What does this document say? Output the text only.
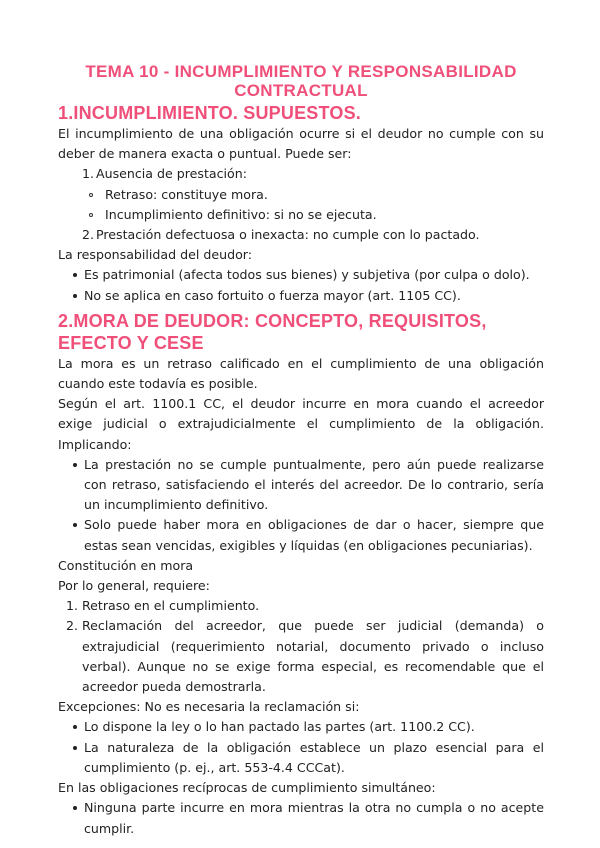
TEMA 10 - INCUMPLIMIENTO Y RESPONSABILIDAD CONTRACTUAL
1.INCUMPLIMIENTO. SUPUESTOS.

El incumplimiento de una obligación ocurre si el deudor no cumple con su deber de manera exacta o puntual. Puede ser:

1. Ausencia de prestación:
Retraso: constituye mora.
Incumplimiento definitivo: si no se ejecuta.
2. Prestación defectuosa o inexacta: no cumple con lo pactado.

La responsabilidad del deudor:

Es patrimonial (afecta todos sus bienes) y subjetiva (por culpa o dolo).
No se aplica en caso fortuito o fuerza mayor (art. 1105 CC).
2.MORA DE DEUDOR: CONCEPTO, REQUISITOS, EFECTO Y CESE

La mora es un retraso calificado en el cumplimiento de una obligación cuando este todavía es posible.

Según el art. 1100.1 CC, el deudor incurre en mora cuando el acreedor exige judicial o extrajudicialmente el cumplimiento de la obligación. Implicando:

La prestación no se cumple puntualmente, pero aún puede realizarse con retraso, satisfaciendo el interés del acreedor. De lo contrario, sería un incumplimiento definitivo.
Solo puede haber mora en obligaciones de dar o hacer, siempre que estas sean vencidas, exigibles y líquidas (en obligaciones pecuniarias).

Constitución en mora

Por lo general, requiere:

1. Retraso en el cumplimiento.
2. Reclamación del acreedor, que puede ser judicial (demanda) o extrajudicial (requerimiento notarial, documento privado o incluso verbal). Aunque no se exige forma especial, es recomendable que el acreedor pueda demostrarla.

Excepciones: No es necesaria la reclamación si:

Lo dispone la ley o lo han pactado las partes (art. 1100.2 CC).
La naturaleza de la obligación establece un plazo esencial para el cumplimiento (p. ej., art. 553-4.4 CCCat).

En las obligaciones recíprocas de cumplimiento simultáneo:

Ninguna parte incurre en mora mientras la otra no cumpla o no acepte cumplir.
